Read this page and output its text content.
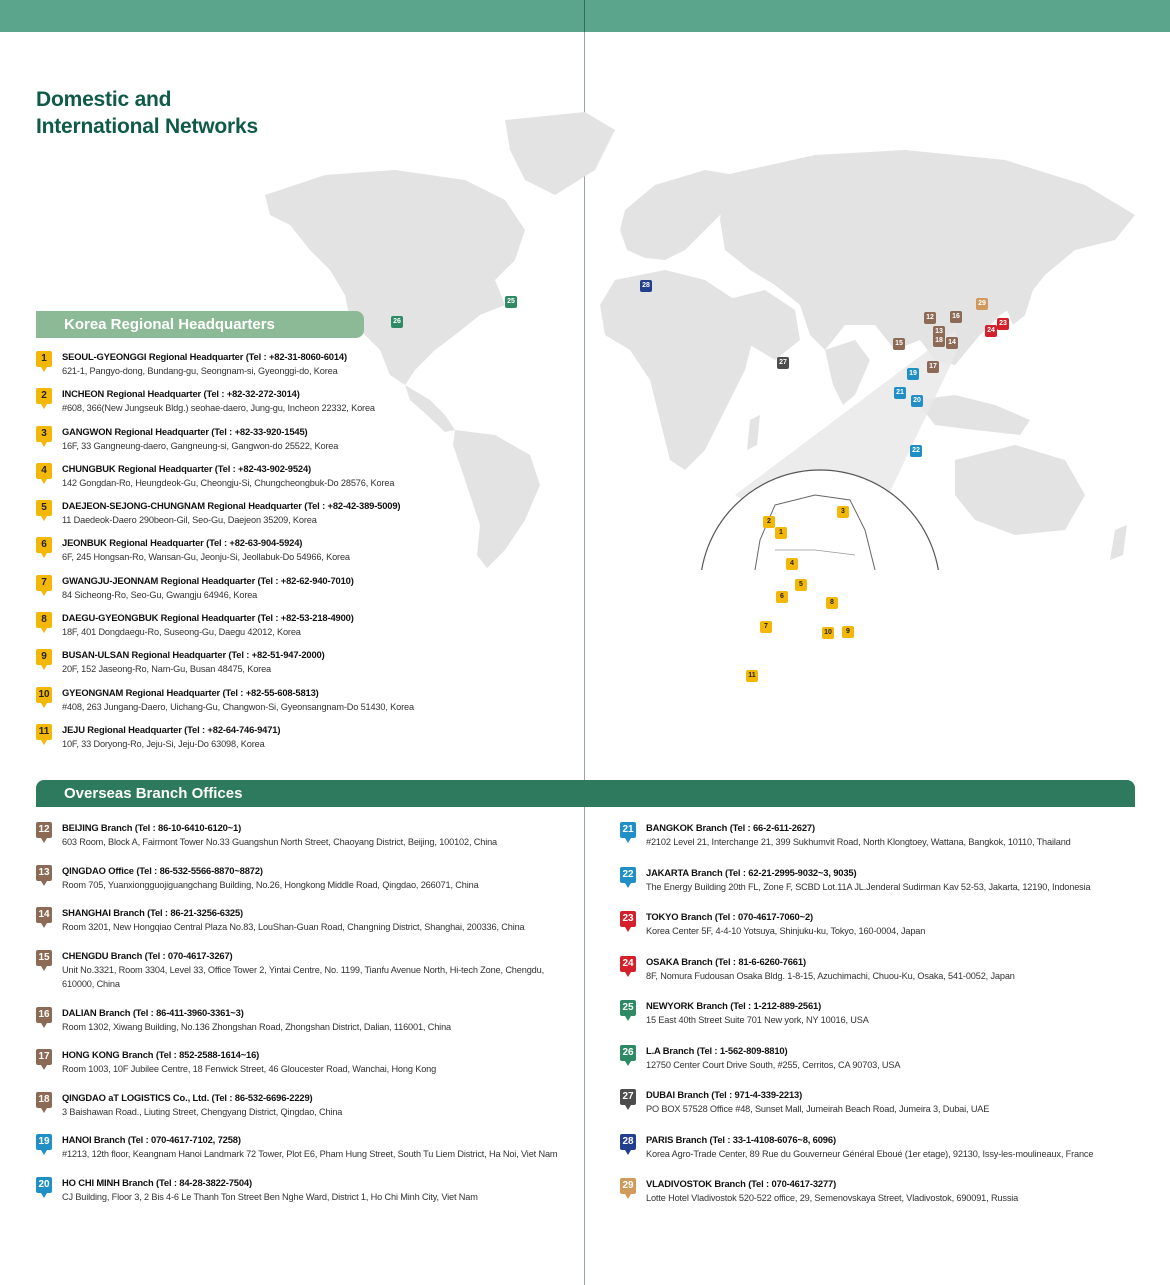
Domestic and
International Networks
26
25
28
27
29
12	16
13
18 14
15
17
24
23
19
21
20
22
3
2
1
4
5
6
8
7
10	9
11
Korea Regional Headquarters
1	SEOUL-GYEONGGI Regional Headquarter (Tel : +82-31-8060-6014)
621-1, Pangyo-dong, Bundang-gu, Seongnam-si, Gyeonggi-do, Korea
2	INCHEON Regional Headquarter (Tel : +82-32-272-3014)
#608, 366(New Jungseuk Bldg.) seohae-daero, Jung-gu, Incheon 22332, Korea
3	GANGWON Regional Headquarter (Tel : +82-33-920-1545)
16F, 33 Gangneung-daero, Gangneung-si, Gangwon-do 25522, Korea
4	CHUNGBUK Regional Headquarter (Tel : +82-43-902-9524)
142 Gongdan-Ro, Heungdeok-Gu, Cheongju-Si, Chungcheongbuk-Do 28576, Korea
5	DAEJEON-SEJONG-CHUNGNAM Regional Headquarter (Tel : +82-42-389-5009)
11 Daedeok-Daero 290beon-Gil, Seo-Gu, Daejeon 35209, Korea
6	JEONBUK Regional Headquarter (Tel : +82-63-904-5924)
6F, 245 Hongsan-Ro, Wansan-Gu, Jeonju-Si, Jeollabuk-Do 54966, Korea
7	GWANGJU-JEONNAM Regional Headquarter (Tel : +82-62-940-7010)
84 Sicheong-Ro, Seo-Gu, Gwangju 64946, Korea
8	DAEGU-GYEONGBUK Regional Headquarter (Tel : +82-53-218-4900)
18F, 401 Dongdaegu-Ro, Suseong-Gu, Daegu 42012, Korea
9	BUSAN-ULSAN Regional Headquarter (Tel : +82-51-947-2000)
20F, 152 Jaseong-Ro, Nam-Gu, Busan 48475, Korea
10 GYEONGNAM Regional Headquarter (Tel : +82-55-608-5813)
#408, 263 Jungang-Daero, Uichang-Gu, Changwon-Si, Gyeonsangnam-Do 51430, Korea
11 JEJU Regional Headquarter (Tel : +82-64-746-9471)
10F, 33 Doryong-Ro, Jeju-Si, Jeju-Do 63098, Korea
Overseas Branch Offices
12 BEIJING Branch (Tel : 86-10-6410-6120~1)
603 Room, Block A, Fairmont Tower No.33 Guangshun North Street, Chaoyang District, Beijing, 100102, China
13 QINGDAO Office (Tel : 86-532-5566-8870~8872)
Room 705, Yuanxiongguojiguangchang Building, No.26, Hongkong Middle Road, Qingdao, 266071, China
14 SHANGHAI Branch (Tel : 86-21-3256-6325)
Room 3201, New Hongqiao Central Plaza No.83, LouShan-Guan Road, Changning District, Shanghai, 200336, China
15 CHENGDU Branch (Tel : 070-4617-3267)
Unit No.3321, Room 3304, Level 33, Office Tower 2, Yintai Centre, No. 1199, Tianfu Avenue North, Hi-tech Zone, Chengdu, 610000, China
16 DALIAN Branch (Tel : 86-411-3960-3361~3)
Room 1302, Xiwang Building, No.136 Zhongshan Road, Zhongshan District, Dalian, 116001, China
17 HONG KONG Branch (Tel : 852-2588-1614~16)
Room 1003, 10F Jubilee Centre, 18 Fenwick Street, 46 Gloucester Road, Wanchai, Hong Kong
18 QINGDAO aT LOGISTICS Co., Ltd. (Tel : 86-532-6696-2229)
3 Baishawan Road., Liuting Street, Chengyang District, Qingdao, China
19 HANOI Branch (Tel : 070-4617-7102, 7258)
#1213, 12th floor, Keangnam Hanoi Landmark 72 Tower, Plot E6, Pham Hung Street, South Tu Liem District, Ha Noi, Viet Nam
20 HO CHI MINH Branch (Tel : 84-28-3822-7504)
CJ Building, Floor 3, 2 Bis 4-6 Le Thanh Ton Street Ben Nghe Ward, District 1, Ho Chi Minh City, Viet Nam
21 BANGKOK Branch (Tel : 66-2-611-2627)
#2102 Level 21, Interchange 21, 399 Sukhumvit Road, North Klongtoey, Wattana, Bangkok, 10110, Thailand
22 JAKARTA Branch (Tel : 62-21-2995-9032~3, 9035)
The Energy Building 20th FL, Zone F, SCBD Lot.11A JL.Jenderal Sudirman Kav 52-53, Jakarta, 12190, Indonesia
23 TOKYO Branch (Tel : 070-4617-7060~2)
Korea Center 5F, 4-4-10 Yotsuya, Shinjuku-ku, Tokyo, 160-0004, Japan
24 OSAKA Branch (Tel : 81-6-6260-7661)
8F, Nomura Fudousan Osaka Bldg. 1-8-15, Azuchimachi, Chuou-Ku, Osaka, 541-0052, Japan
25 NEWYORK Branch (Tel : 1-212-889-2561)
15 East 40th Street Suite 701 New york, NY 10016, USA
26 L.A Branch (Tel : 1-562-809-8810)
12750 Center Court Drive South, #255, Cerritos, CA 90703, USA
27 DUBAI Branch (Tel : 971-4-339-2213)
PO BOX 57528 Office #48, Sunset Mall, Jumeirah Beach Road, Jumeira 3, Dubai, UAE
28 PARIS Branch (Tel : 33-1-4108-6076~8, 6096)
Korea Agro-Trade Center, 89 Rue du Gouverneur Général Eboué (1er etage), 92130, Issy-les-moulineaux, France
29 VLADIVOSTOK Branch (Tel : 070-4617-3277)
Lotte Hotel Vladivostok 520-522 office, 29, Semenovskaya Street, Vladivostok, 690091, Russia
